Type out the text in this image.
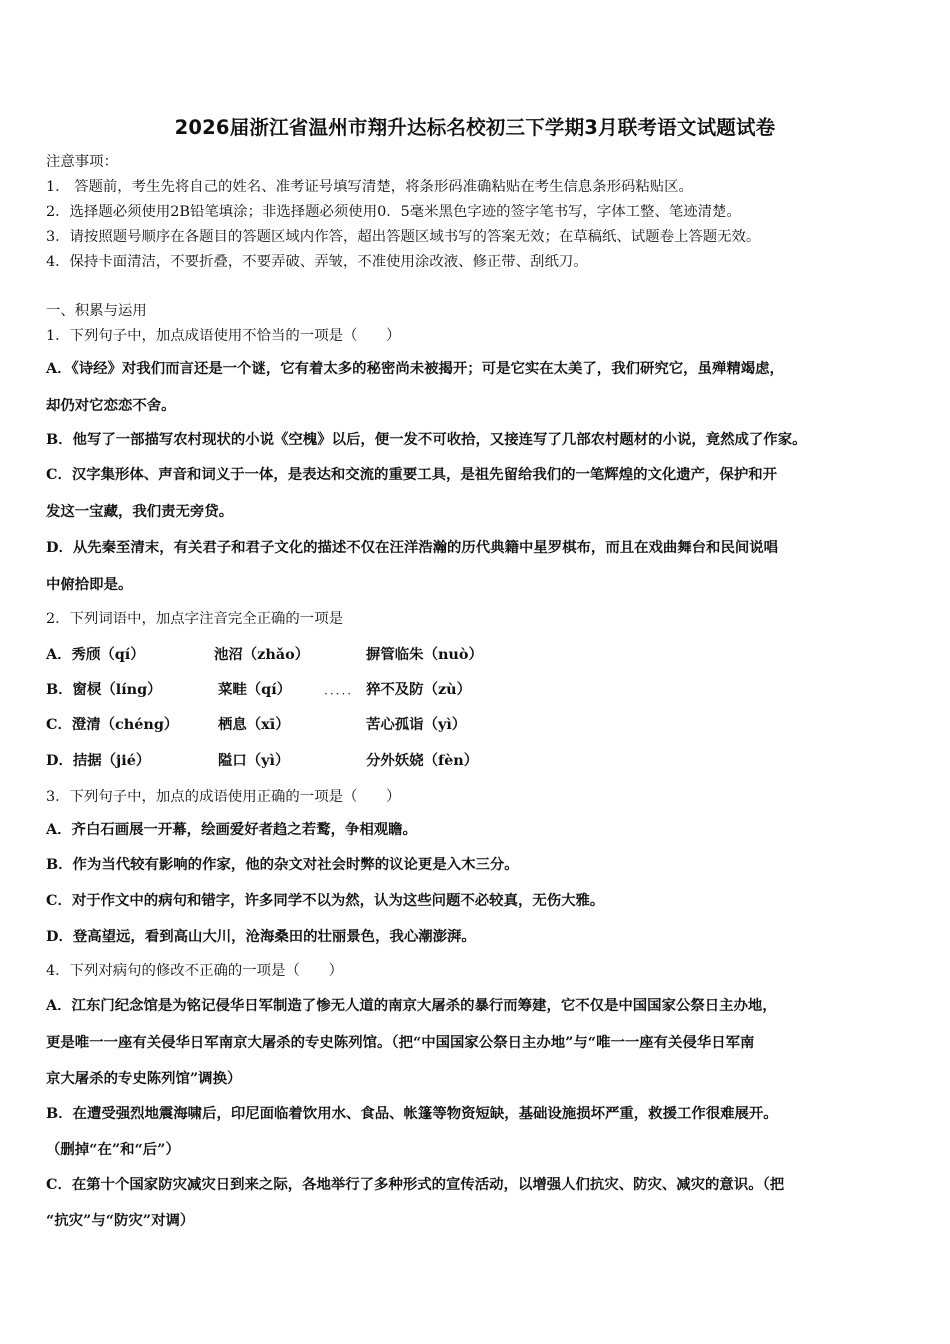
2026届浙江省温州市翔升达标名校初三下学期3月联考语文试题试卷
注意事项：
1． 答题前，考生先将自己的姓名、准考证号填写清楚，将条形码准确粘贴在考生信息条形码粘贴区。
2．选择题必须使用2B铅笔填涂；非选择题必须使用0．5毫米黑色字迹的签字笔书写，字体工整、笔迹清楚。
3．请按照题号顺序在各题目的答题区域内作答，超出答题区域书写的答案无效；在草稿纸、试题卷上答题无效。
4．保持卡面清洁，不要折叠，不要弄破、弄皱，不准使用涂改液、修正带、刮纸刀。
一、积累与运用
1．下列句子中，加点成语使用不恰当的一项是（　　）
A．《诗经》对我们而言还是一个谜，它有着太多的秘密尚未被揭开；可是它实在太美了，我们研究它，虽殚精竭虑，
却仍对它恋恋不舍。
B．他写了一部描写农村现状的小说《空槐》以后，便一发不可收拾，又接连写了几部农村题材的小说，竟然成了作家。
C．汉字集形体、声音和词义于一体，是表达和交流的重要工具，是祖先留给我们的一笔辉煌的文化遗产，保护和开
发这一宝藏，我们责无旁贷。
D．从先秦至清末，有关君子和君子文化的描述不仅在汪洋浩瀚的历代典籍中星罗棋布，而且在戏曲舞台和民间说唱
中俯拾即是。
2．下列词语中，加点字注音完全正确的一项是
A．秀颀（qí）	池沼（zhǎo）	摒管临朱（nuò）
B．窗棂（líng）	菜畦（qí）	····· 猝不及防（zù）
C．澄清（chéng）	栖息（xī）	苦心孤诣（yì）
D．拮据（jié）	隘口（yì）	分外妖娆（fèn）
3．下列句子中，加点的成语使用正确的一项是（　　）
A．齐白石画展一开幕，绘画爱好者趋之若鹜，争相观瞻。
B．作为当代较有影响的作家，他的杂文对社会时弊的议论更是入木三分。
C．对于作文中的病句和错字，许多同学不以为然，认为这些问题不必较真，无伤大雅。
D．登高望远，看到高山大川，沧海桑田的壮丽景色，我心潮澎湃。
4．下列对病句的修改不正确的一项是（　　）
A．江东门纪念馆是为铭记侵华日军制造了惨无人道的南京大屠杀的暴行而筹建，它不仅是中国国家公祭日主办地，
更是唯一一座有关侵华日军南京大屠杀的专史陈列馆。（把“中国国家公祭日主办地”与“唯一一座有关侵华日军南
京大屠杀的专史陈列馆”调换）
B．在遭受强烈地震海啸后，印尼面临着饮用水、食品、帐篷等物资短缺，基础设施损坏严重，救援工作很难展开。
（删掉“在”和“后”）
C．在第十个国家防灾减灾日到来之际，各地举行了多种形式的宣传活动，以增强人们抗灾、防灾、减灾的意识。（把
“抗灾”与“防灾”对调）
